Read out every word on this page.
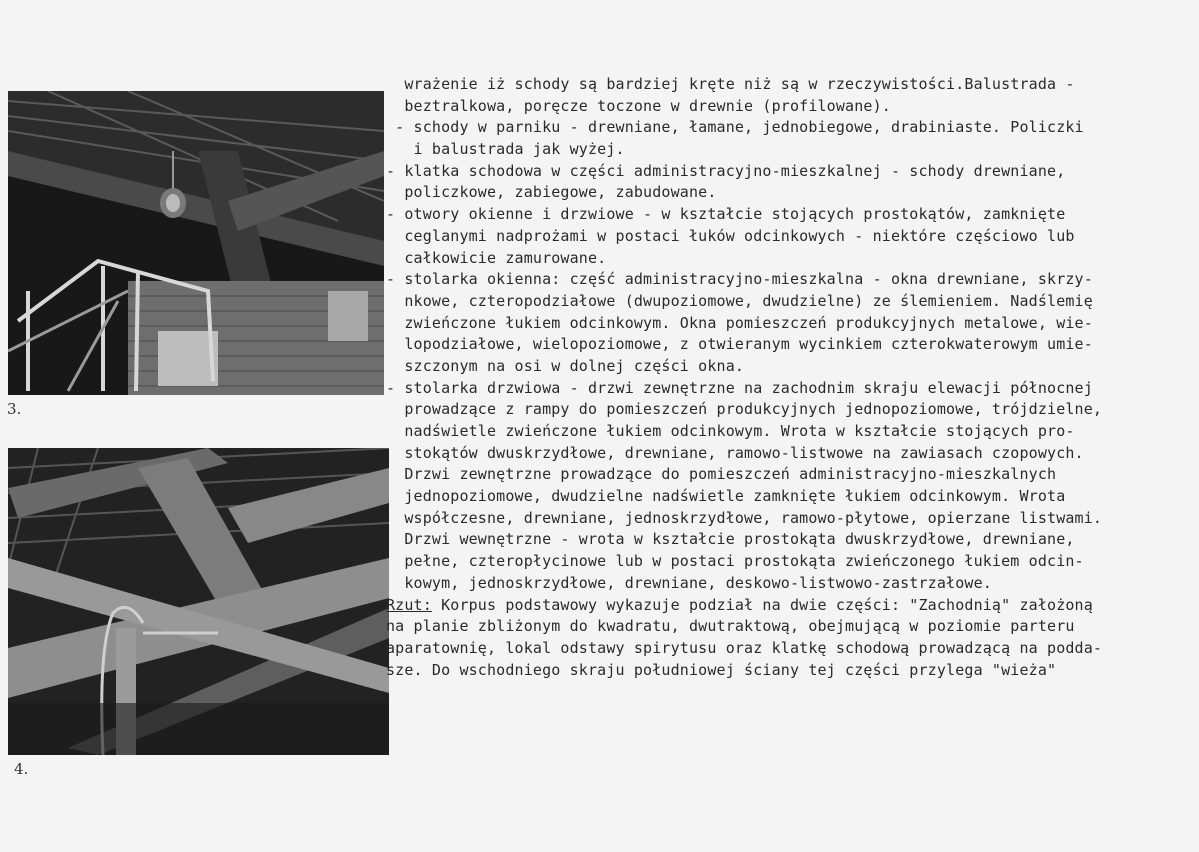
3.
4.
wrażenie iż schody są bardziej kręte niż są w rzeczywistości.Balustrada -
beztralkowa, poręcze toczone w drewnie (profilowane).
- schody w parniku - drewniane, łamane, jednobiegowe, drabiniaste. Policzki
i balustrada jak wyżej.
- klatka schodowa w części administracyjno-mieszkalnej - schody drewniane,
policzkowe, zabiegowe, zabudowane.
- otwory okienne i drzwiowe - w kształcie stojących prostokątów, zamknięte
ceglanymi nadprożami w postaci łuków odcinkowych - niektóre częściowo lub
całkowicie zamurowane.
- stolarka okienna: część administracyjno-mieszkalna - okna drewniane, skrzy-
nkowe, czteropodziałowe (dwupoziomowe, dwudzielne) ze ślemieniem. Nadślemię
zwieńczone łukiem odcinkowym. Okna pomieszczeń produkcyjnych metalowe, wie-
lopodziałowe, wielopoziomowe, z otwieranym wycinkiem czterokwaterowym umie-
szczonym na osi w dolnej części okna.
- stolarka drzwiowa - drzwi zewnętrzne na zachodnim skraju elewacji północnej
prowadzące z rampy do pomieszczeń produkcyjnych jednopoziomowe, trójdzielne,
nadświetle zwieńczone łukiem odcinkowym. Wrota w kształcie stojących pro-
stokątów dwuskrzydłowe, drewniane, ramowo-listwowe na zawiasach czopowych.
Drzwi zewnętrzne prowadzące do pomieszczeń administracyjno-mieszkalnych
jednopoziomowe, dwudzielne nadświetle zamknięte łukiem odcinkowym. Wrota
współczesne, drewniane, jednoskrzydłowe, ramowo-płytowe, opierzane listwami.
Drzwi wewnętrzne - wrota w kształcie prostokąta dwuskrzydłowe, drewniane,
pełne, czteropłycinowe lub w postaci prostokąta zwieńczonego łukiem odcin-
kowym, jednoskrzydłowe, drewniane, deskowo-listwowo-zastrzałowe.
Rzut: Korpus podstawowy wykazuje podział na dwie części: "Zachodnią" założoną
na planie zbliżonym do kwadratu, dwutraktową, obejmującą w poziomie parteru
aparatownię, lokal odstawy spirytusu oraz klatkę schodową prowadzącą na podda-
sze. Do wschodniego skraju południowej ściany tej części przylega "wieża"
